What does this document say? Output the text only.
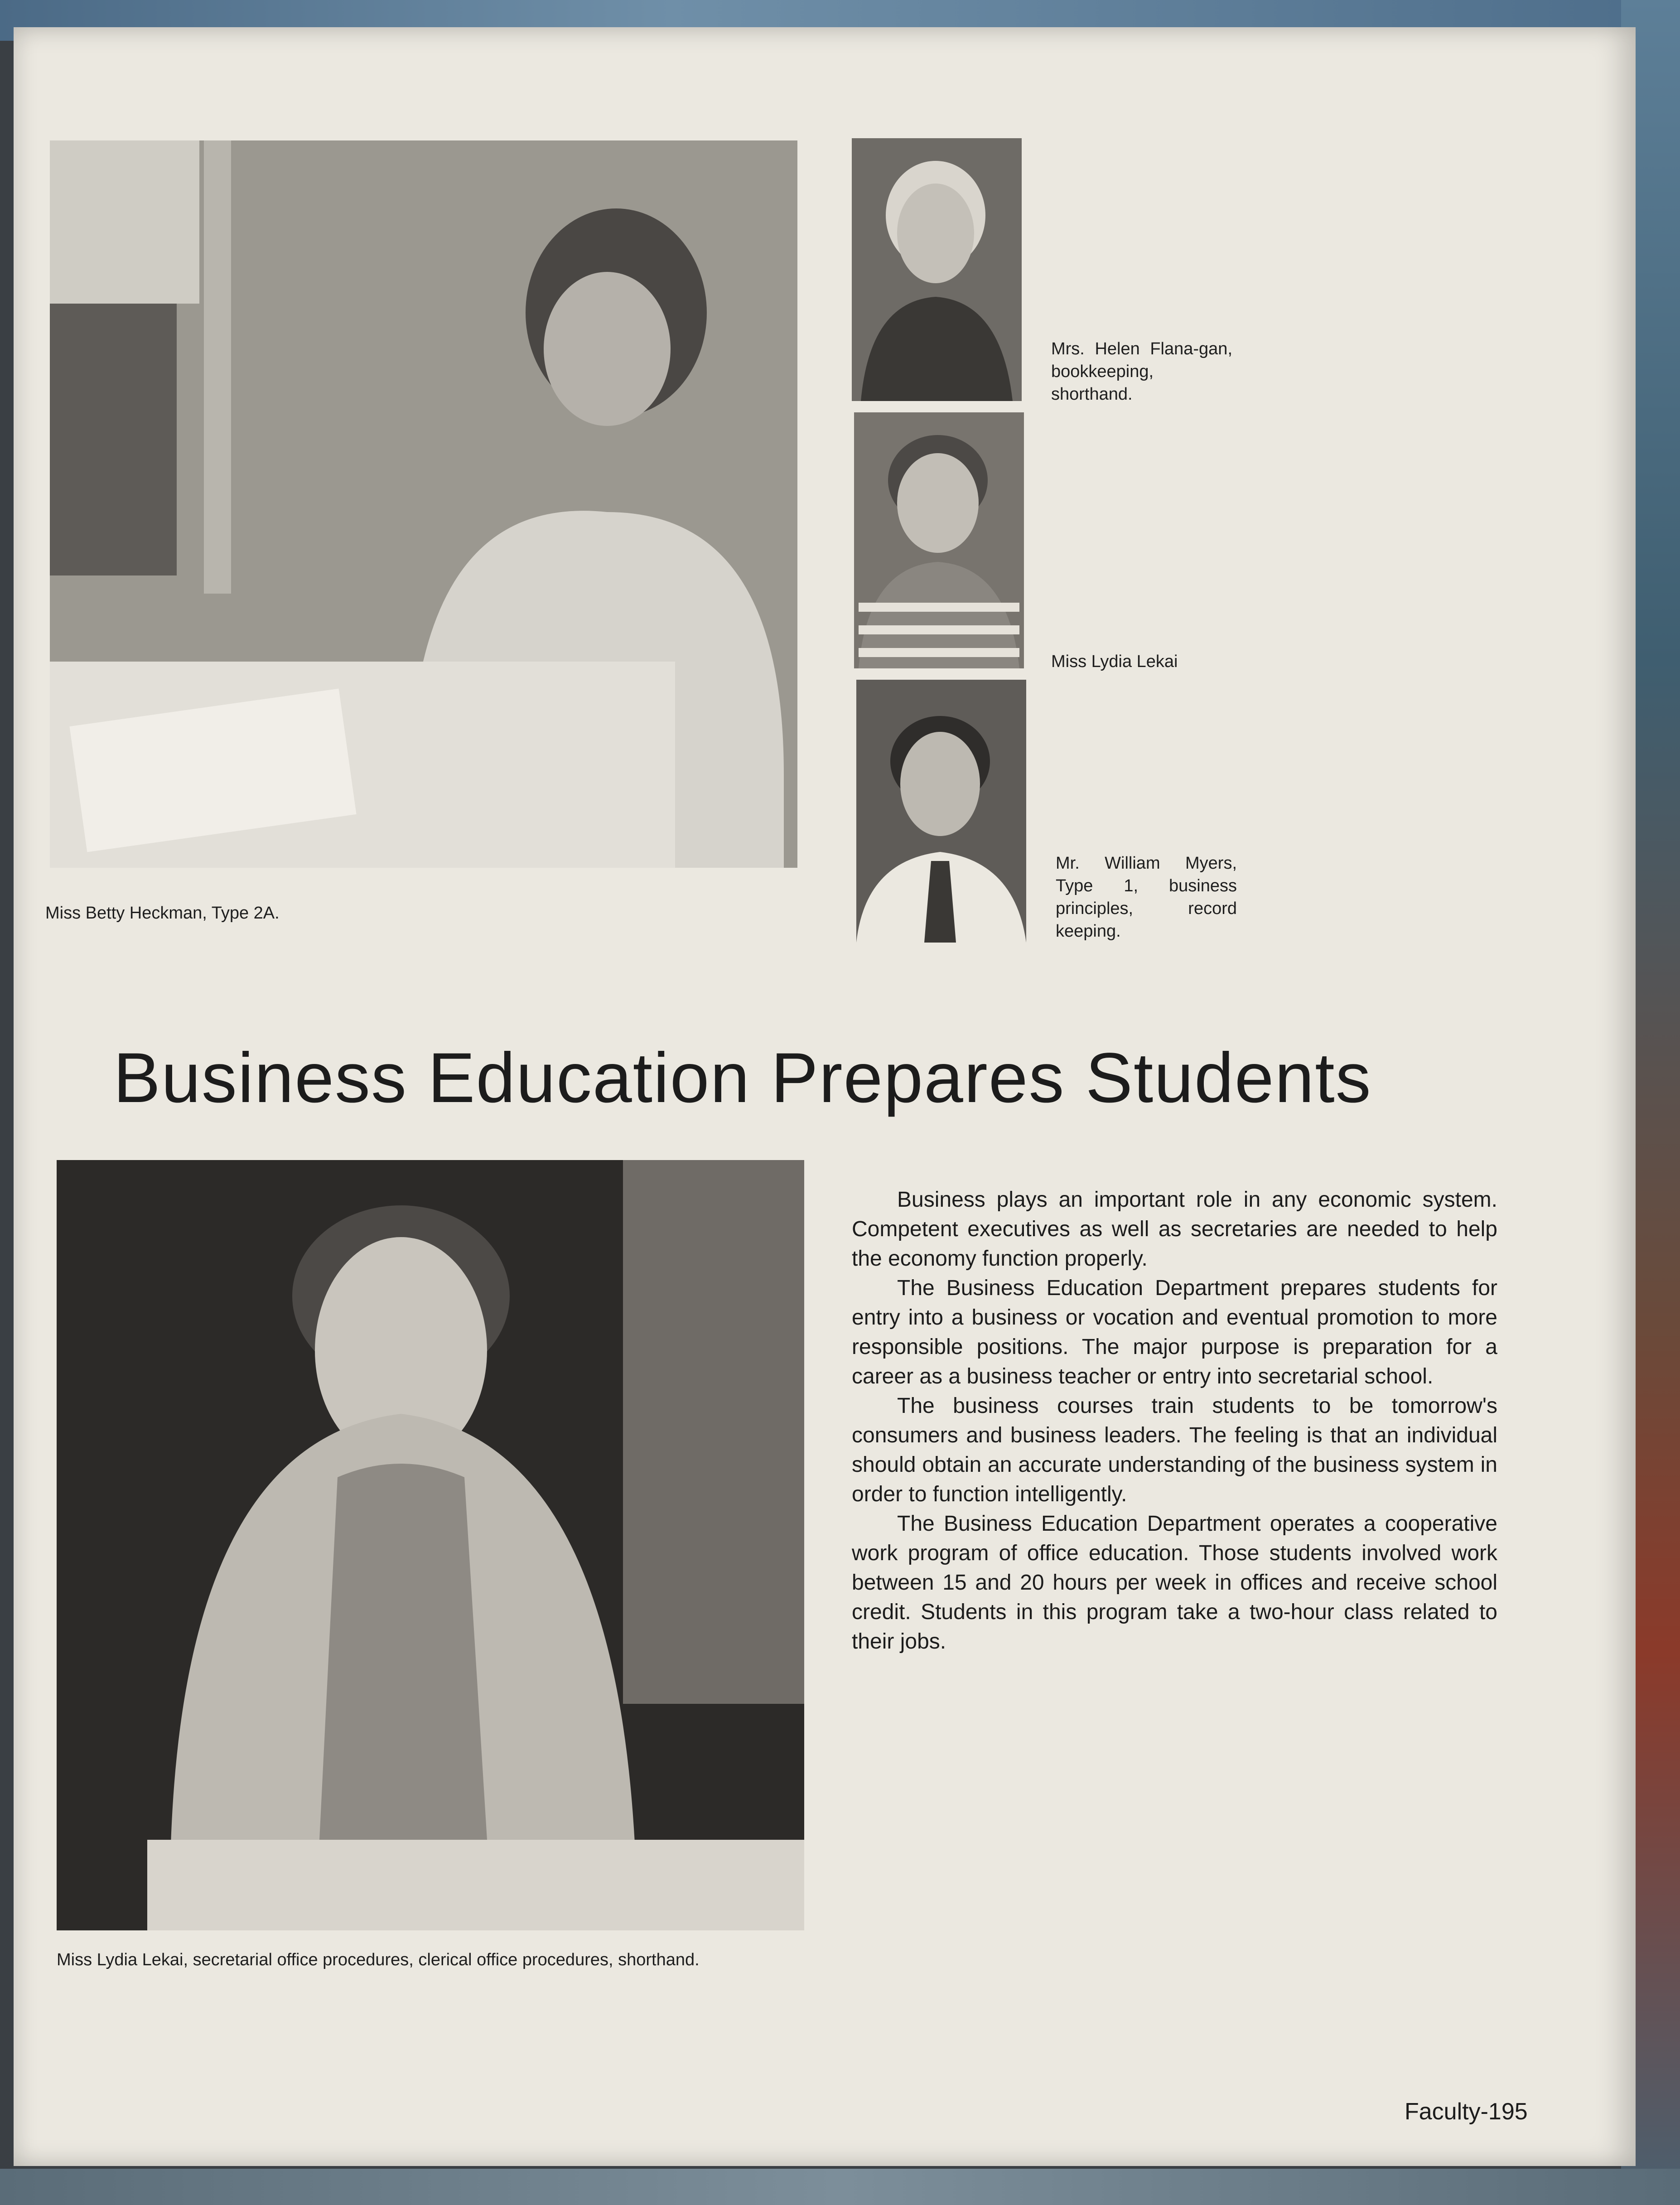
Miss Betty Heckman, Type 2A.
Mrs. Helen Flana-gan, bookkeeping, shorthand.
Miss Lydia Lekai
Mr. William Myers, Type 1, business principles, record keeping.
Business Education Prepares Students
Miss Lydia Lekai, secretarial office procedures, clerical office procedures, shorthand.

Business plays an important role in any economic system. Competent executives as well as secretaries are needed to help the economy function properly.

The Business Education Department prepares students for entry into a business or vocation and eventual promotion to more responsible positions. The major purpose is preparation for a career as a business teacher or entry into secretarial school.

The business courses train students to be tomorrow's consumers and business leaders. The feeling is that an individual should obtain an accurate understanding of the business system in order to function intelligently.

The Business Education Department operates a cooperative work program of office education. Those students involved work between 15 and 20 hours per week in offices and receive school credit. Students in this program take a two-hour class related to their jobs.

Faculty-195
